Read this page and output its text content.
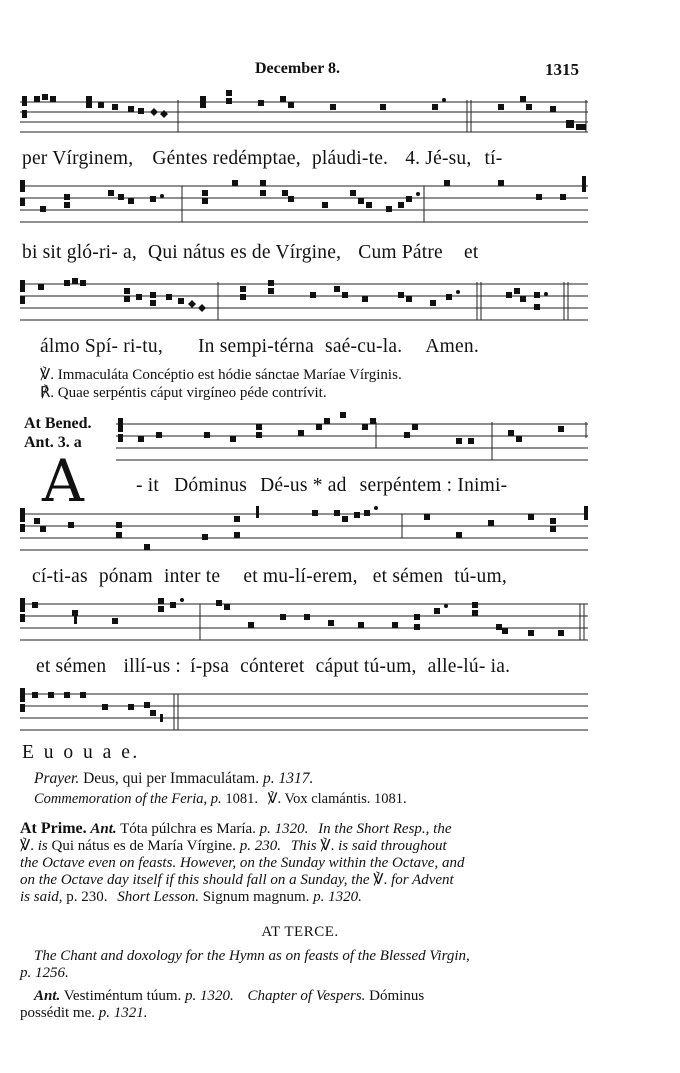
December 8.	1315
per Vírginem, Géntes redémptae, pláudi-te. 4. Jé-su, tí-
bi sit gló-ri- a, Qui nátus es de Vírgine, Cum Pátre et
álmo Spí- ri-tu, In sempi-térna saé-cu-la. Amen.
℣. Immaculáta Concéptio est hódie sánctae Maríae Vírginis.
℟. Quae serpéntis cáput virgíneo péde contrívit.
At Bened.
Ant. 3. a
A	- it Dóminus Dé-us * ad serpéntem : Inimi-
cí-ti-as pónam inter te et mu-lí-erem, et sémen tú-um,
et sémen illí-us : í-psa cónteret cáput tú-um, alle-lú- ia.
E u o u a e.
Prayer. Deus, qui per Immaculátam. p. 1317.
Commemoration of the Feria, p. 1081. ℣. Vox clamántis. 1081.
At Prime. Ant. Tóta púlchra es María. p. 1320. In the Short Resp., the
℣. is Qui nátus es de María Vírgine. p. 230. This ℣. is said throughout
the Octave even on feasts. However, on the Sunday within the Octave, and
on the Octave day itself if this should fall on a Sunday, the ℣. for Advent
is said, p. 230. Short Lesson. Signum magnum. p. 1320.
AT TERCE.
The Chant and doxology for the Hymn as on feasts of the Blessed Virgin,
p. 1256.
Ant. Vestiméntum túum. p. 1320. Chapter of Vespers. Dóminus
possédit me. p. 1321.
